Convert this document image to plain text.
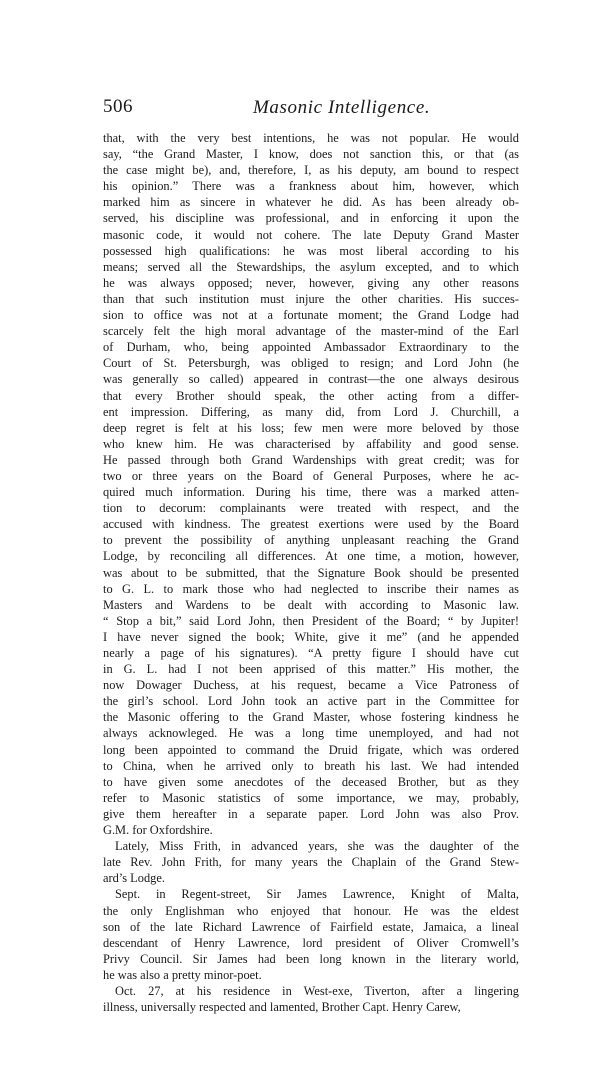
506	Masonic Intelligence.
that, with the very best intentions, he was not popular. He would
say, “the Grand Master, I know, does not sanction this, or that (as
the case might be), and, therefore, I, as his deputy, am bound to respect
his opinion.” There was a frankness about him, however, which
marked him as sincere in whatever he did. As has been already ob-
served, his discipline was professional, and in enforcing it upon the
masonic code, it would not cohere. The late Deputy Grand Master
possessed high qualifications: he was most liberal according to his
means; served all the Stewardships, the asylum excepted, and to which
he was always opposed; never, however, giving any other reasons
than that such institution must injure the other charities. His succes-
sion to office was not at a fortunate moment; the Grand Lodge had
scarcely felt the high moral advantage of the master-mind of the Earl
of Durham, who, being appointed Ambassador Extraordinary to the
Court of St. Petersburgh, was obliged to resign; and Lord John (he
was generally so called) appeared in contrast—the one always desirous
that every Brother should speak, the other acting from a differ-
ent impression. Differing, as many did, from Lord J. Churchill, a
deep regret is felt at his loss; few men were more beloved by those
who knew him. He was characterised by affability and good sense.
He passed through both Grand Wardenships with great credit; was for
two or three years on the Board of General Purposes, where he ac-
quired much information. During his time, there was a marked atten-
tion to decorum: complainants were treated with respect, and the
accused with kindness. The greatest exertions were used by the Board
to prevent the possibility of anything unpleasant reaching the Grand
Lodge, by reconciling all differences. At one time, a motion, however,
was about to be submitted, that the Signature Book should be presented
to G. L. to mark those who had neglected to inscribe their names as
Masters and Wardens to be dealt with according to Masonic law.
“ Stop a bit,” said Lord John, then President of the Board; “ by Jupiter!
I have never signed the book; White, give it me” (and he appended
nearly a page of his signatures). “A pretty figure I should have cut
in G. L. had I not been apprised of this matter.” His mother, the
now Dowager Duchess, at his request, became a Vice Patroness of
the girl’s school. Lord John took an active part in the Committee for
the Masonic offering to the Grand Master, whose fostering kindness he
always acknowleged. He was a long time unemployed, and had not
long been appointed to command the Druid frigate, which was ordered
to China, when he arrived only to breath his last. We had intended
to have given some anecdotes of the deceased Brother, but as they
refer to Masonic statistics of some importance, we may, probably,
give them hereafter in a separate paper. Lord John was also Prov.
G.M. for Oxfordshire.
Lately, Miss Frith, in advanced years, she was the daughter of the
late Rev. John Frith, for many years the Chaplain of the Grand Stew-
ard’s Lodge.
Sept. in Regent-street, Sir James Lawrence, Knight of Malta,
the only Englishman who enjoyed that honour. He was the eldest
son of the late Richard Lawrence of Fairfield estate, Jamaica, a lineal
descendant of Henry Lawrence, lord president of Oliver Cromwell’s
Privy Council. Sir James had been long known in the literary world,
he was also a pretty minor-poet.
Oct. 27, at his residence in West-exe, Tiverton, after a lingering
illness, universally respected and lamented, Brother Capt. Henry Carew,
